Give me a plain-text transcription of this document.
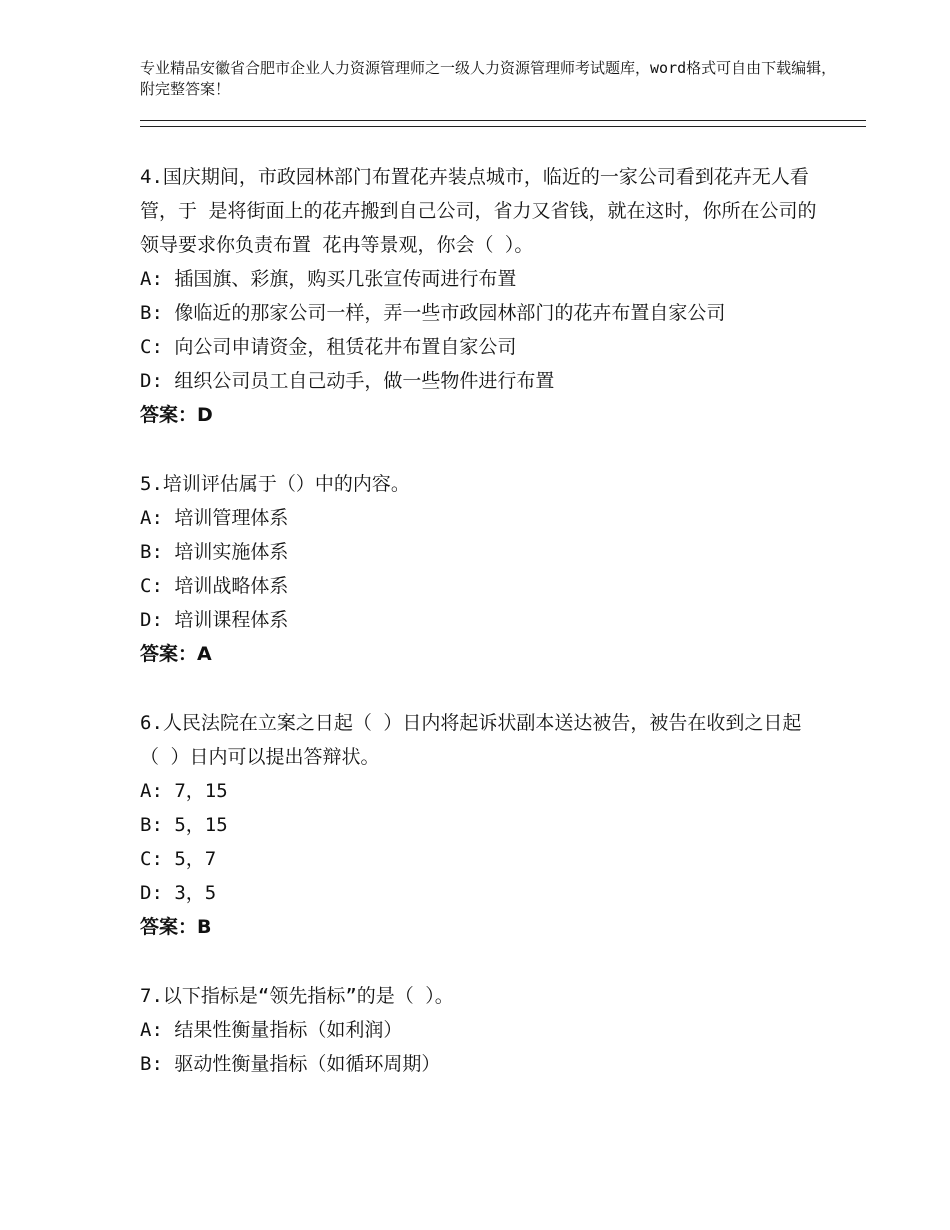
专业精品安徽省合肥市企业人力资源管理师之一级人力资源管理师考试题库，word格式可自由下载编辑，附完整答案！
4.国庆期间，市政园林部门布置花卉装点城市，临近的一家公司看到花卉无人看管，于 是将街面上的花卉搬到自己公司，省力又省钱，就在这时，你所在公司的领导要求你负责布置 花冉等景观，你会（ ）。
A: 插国旗、彩旗，购买几张宣传両进行布置
B: 像临近的那家公司一样，弄一些市政园林部门的花卉布置自家公司
C: 向公司申请资金，租赁花井布置自家公司
D: 组织公司员工自己动手，做一些物件进行布置
答案：D
5.培训评估属于（）中的内容。
A: 培训管理体系
B: 培训实施体系
C: 培训战略体系
D: 培训课程体系
答案：A
6.人民法院在立案之日起（ ）日内将起诉状副本送达被告，被告在收到之日起（ ）日内可以提出答辩状。
A: 7，15
B: 5，15
C: 5，7
D: 3，5
答案：B
7.以下指标是“领先指标”的是（ ）。
A: 结果性衡量指标（如利润）
B: 驱动性衡量指标（如循环周期）
